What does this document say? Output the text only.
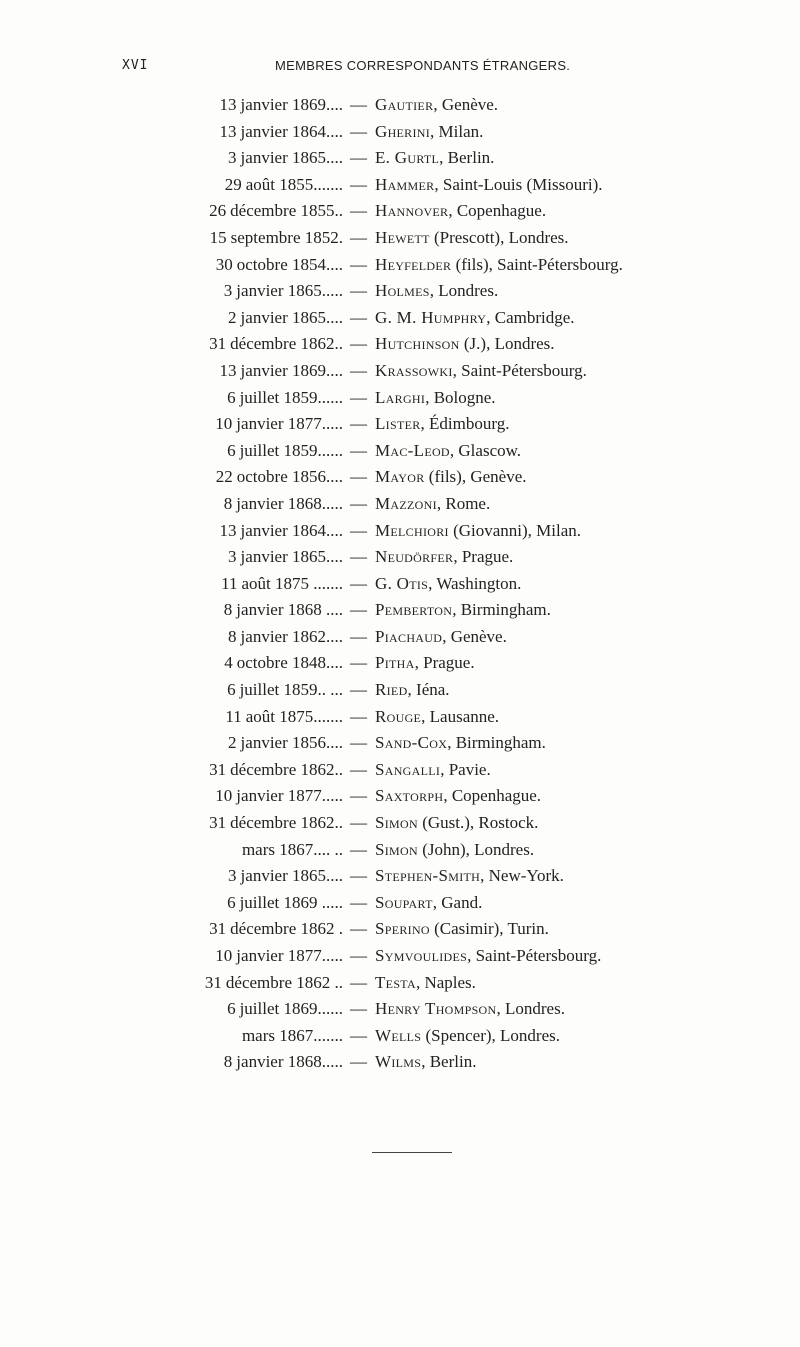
XVI	MEMBRES CORRESPONDANTS ÉTRANGERS.
13 janvier 1869.... — Gautier, Genève.
13 janvier 1864.... — Gherini, Milan.
3 janvier 1865.... — E. Gurtl, Berlin.
29 août 1855....... — Hammer, Saint-Louis (Missouri).
26 décembre 1855.. — Hannover, Copenhague.
15 septembre 1852. — Hewett (Prescott), Londres.
30 octobre 1854.... — Heyfelder (fils), Saint-Pétersbourg.
3 janvier 1865..... — Holmes, Londres.
2 janvier 1865.... — G. M. Humphry, Cambridge.
31 décembre 1862.. — Hutchinson (J.), Londres.
13 janvier 1869.... — Krassowki, Saint-Pétersbourg.
6 juillet 1859...... — Larghi, Bologne.
10 janvier 1877..... — Lister, Édimbourg.
6 juillet 1859...... — Mac-Leod, Glascow.
22 octobre 1856.... — Mayor (fils), Genève.
8 janvier 1868..... — Mazzoni, Rome.
13 janvier 1864.... — Melchiori (Giovanni), Milan.
3 janvier 1865.... — Neudörfer, Prague.
11 août 1875 ....... — G. Otis, Washington.
8 janvier 1868 .... — Pemberton, Birmingham.
8 janvier 1862.... — Piachaud, Genève.
4 octobre 1848.... — Pitha, Prague.
6 juillet 1859.. ... — Ried, Iéna.
11 août 1875....... — Rouge, Lausanne.
2 janvier 1856.... — Sand-Cox, Birmingham.
31 décembre 1862.. — Sangalli, Pavie.
10 janvier 1877..... — Saxtorph, Copenhague.
31 décembre 1862.. — Simon (Gust.), Rostock.
mars 1867.... .. — Simon (John), Londres.
3 janvier 1865.... — Stephen-Smith, New-York.
6 juillet 1869 ..... — Soupart, Gand.
31 décembre 1862 . — Sperino (Casimir), Turin.
10 janvier 1877..... — Symvoulides, Saint-Pétersbourg.
31 décembre 1862 .. — Testa, Naples.
6 juillet 1869...... — Henry Thompson, Londres.
mars 1867....... — Wells (Spencer), Londres.
8 janvier 1868..... — Wilms, Berlin.
